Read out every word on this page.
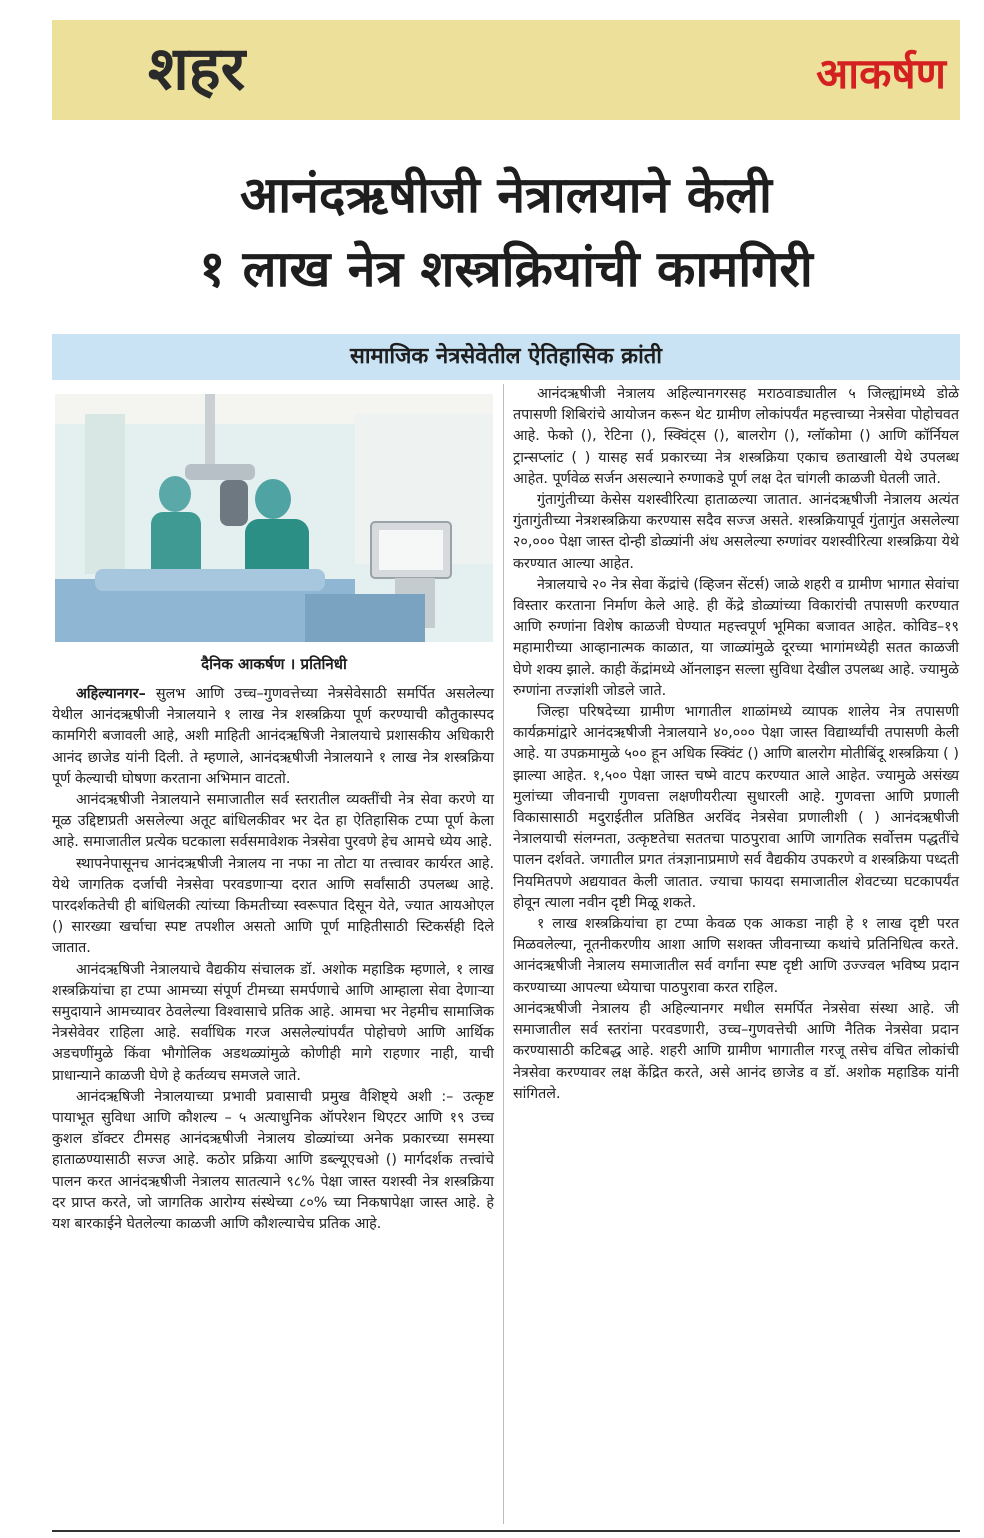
शहर	आकर्षण
आनंदऋषीजी नेत्रालयाने केली
१ लाख नेत्र शस्त्रक्रियांची कामगिरी
सामाजिक नेत्रसेवेतील ऐतिहासिक क्रांती
दैनिक आकर्षण । प्रतिनिधी

अहिल्यानगर– सुलभ आणि उच्च–गुणवत्तेच्या नेत्रसेवेसाठी समर्पित असलेल्या येथील आनंदऋषीजी नेत्रालयाने १ लाख नेत्र शस्त्रक्रिया पूर्ण करण्याची कौतुकास्पद कामगिरी बजावली आहे, अशी माहिती आनंदऋषिजी नेत्रालयाचे प्रशासकीय अधिकारी आनंद छाजेड यांनी दिली. ते म्हणाले, आनंदऋषीजी नेत्रालयाने १ लाख नेत्र शस्त्रक्रिया पूर्ण केल्याची घोषणा करताना अभिमान वाटतो.

आनंदऋषीजी नेत्रालयाने समाजातील सर्व स्तरातील व्यक्तींची नेत्र सेवा करणे या मूळ उद्दिष्टाप्रती असलेल्या अतूट बांधिलकीवर भर देत हा ऐतिहासिक टप्पा पूर्ण केला आहे. समाजातील प्रत्येक घटकाला सर्वसमावेशक नेत्रसेवा पुरवणे हेच आमचे ध्येय आहे.

स्थापनेपासूनच आनंदऋषीजी नेत्रालय ना नफा ना तोटा या तत्त्वावर कार्यरत आहे. येथे जागतिक दर्जाची नेत्रसेवा परवडणाऱ्या दरात आणि सर्वांसाठी उपलब्ध आहे. पारदर्शकतेची ही बांधिलकी त्यांच्या किमतीच्या स्वरूपात दिसून येते, ज्यात आयओएल () सारख्या खर्चाचा स्पष्ट तपशील असतो आणि पूर्ण माहितीसाठी स्टिकर्सही दिले जातात.

आनंदऋषिजी नेत्रालयाचे वैद्यकीय संचालक डॉ. अशोक महाडिक म्हणाले, १ लाख शस्त्रक्रियांचा हा टप्पा आमच्या संपूर्ण टीमच्या समर्पणाचे आणि आम्हाला सेवा देणाऱ्या समुदायाने आमच्यावर ठेवलेल्या विश्वासाचे प्रतिक आहे. आमचा भर नेहमीच सामाजिक नेत्रसेवेवर राहिला आहे. सर्वाधिक गरज असलेल्यांपर्यंत पोहोचणे आणि आर्थिक अडचणींमुळे किंवा भौगोलिक अडथळ्यांमुळे कोणीही मागे राहणार नाही, याची प्राधान्याने काळजी घेणे हे कर्तव्यच समजले जाते.

आनंदऋषिजी नेत्रालयाच्या प्रभावी प्रवासाची प्रमुख वैशिष्ट्ये अशी :– उत्कृष्ट पायाभूत सुविधा आणि कौशल्य – ५ अत्याधुनिक ऑपरेशन थिएटर आणि १९ उच्च कुशल डॉक्टर टीमसह आनंदऋषीजी नेत्रालय डोळ्यांच्या अनेक प्रकारच्या समस्या हाताळण्यासाठी सज्ज आहे. कठोर प्रक्रिया आणि डब्ल्यूएचओ () मार्गदर्शक तत्त्वांचे पालन करत आनंदऋषीजी नेत्रालय सातत्याने ९८% पेक्षा जास्त यशस्वी नेत्र शस्त्रक्रिया दर प्राप्त करते, जो जागतिक आरोग्य संस्थेच्या ८०% च्या निकषापेक्षा जास्त आहे. हे यश बारकाईने घेतलेल्या काळजी आणि कौशल्याचेच प्रतिक आहे.

आनंदऋषीजी नेत्रालय अहिल्यानगरसह मराठवाड्यातील ५ जिल्ह्यांमध्ये डोळे तपासणी शिबिरांचे आयोजन करून थेट ग्रामीण लोकांपर्यंत महत्त्वाच्या नेत्रसेवा पोहोचवत आहे. फेको (), रेटिना (), स्क्विंट्स (), बालरोग (), ग्लॉकोमा () आणि कॉर्नियल ट्रान्सप्लांट ( ) यासह सर्व प्रकारच्या नेत्र शस्त्रक्रिया एकाच छताखाली येथे उपलब्ध आहेत. पूर्णवेळ सर्जन असल्याने रुग्णाकडे पूर्ण लक्ष देत चांगली काळजी घेतली जाते.

गुंतागुंतीच्या केसेस यशस्वीरित्या हाताळल्या जातात. आनंदऋषीजी नेत्रालय अत्यंत गुंतागुंतीच्या नेत्रशस्त्रक्रिया करण्यास सदैव सज्ज असते. शस्त्रक्रियापूर्व गुंतागुंत असलेल्या २०,००० पेक्षा जास्त दोन्ही डोळ्यांनी अंध असलेल्या रुग्णांवर यशस्वीरित्या शस्त्रक्रिया येथे करण्यात आल्या आहेत.

नेत्रालयाचे २० नेत्र सेवा केंद्रांचे (व्हिजन सेंटर्स) जाळे शहरी व ग्रामीण भागात सेवांचा विस्तार करताना निर्माण केले आहे. ही केंद्रे डोळ्यांच्या विकारांची तपासणी करण्यात आणि रुग्णांना विशेष काळजी घेण्यात महत्त्वपूर्ण भूमिका बजावत आहेत. कोविड–१९ महामारीच्या आव्हानात्मक काळात, या जाळ्यांमुळे दूरच्या भागांमध्येही सतत काळजी घेणे शक्य झाले. काही केंद्रांमध्ये ऑनलाइन सल्ला सुविधा देखील उपलब्ध आहे. ज्यामुळे रुग्णांना तज्ज्ञांशी जोडले जाते.

जिल्हा परिषदेच्या ग्रामीण भागातील शाळांमध्ये व्यापक शालेय नेत्र तपासणी कार्यक्रमांद्वारे आनंदऋषीजी नेत्रालयाने ४०,००० पेक्षा जास्त विद्यार्थ्यांची तपासणी केली आहे. या उपक्रमामुळे ५०० हून अधिक स्क्विंट () आणि बालरोग मोतीबिंदू शस्त्रक्रिया ( ) झाल्या आहेत. १,५०० पेक्षा जास्त चष्मे वाटप करण्यात आले आहेत. ज्यामुळे असंख्य मुलांच्या जीवनाची गुणवत्ता लक्षणीयरीत्या सुधारली आहे. गुणवत्ता आणि प्रणाली विकासासाठी मदुराईतील प्रतिष्ठित अरविंद नेत्रसेवा प्रणालीशी ( ) आनंदऋषीजी नेत्रालयाची संलग्नता, उत्कृष्टतेचा सततचा पाठपुरावा आणि जागतिक सर्वोत्तम पद्धतींचे पालन दर्शवते. जगातील प्रगत तंत्रज्ञानाप्रमाणे सर्व वैद्यकीय उपकरणे व शस्त्रक्रिया पध्दती नियमितपणे अद्ययावत केली जातात. ज्याचा फायदा समाजातील शेवटच्या घटकापर्यंत होवून त्याला नवीन दृष्टी मिळू शकते.

१ लाख शस्त्रक्रियांचा हा टप्पा केवळ एक आकडा नाही हे १ लाख दृष्टी परत मिळवलेल्या, नूतनीकरणीय आशा आणि सशक्त जीवनाच्या कथांचे प्रतिनिधित्व करते. आनंदऋषीजी नेत्रालय समाजातील सर्व वर्गांना स्पष्ट दृष्टी आणि उज्ज्वल भविष्य प्रदान करण्याच्या आपल्या ध्येयाचा पाठपुरावा करत राहिल.

आनंदऋषीजी नेत्रालय ही अहिल्यानगर मधील समर्पित नेत्रसेवा संस्था आहे. जी समाजातील सर्व स्तरांना परवडणारी, उच्च–गुणवत्तेची आणि नैतिक नेत्रसेवा प्रदान करण्यासाठी कटिबद्ध आहे. शहरी आणि ग्रामीण भागातील गरजू तसेच वंचित लोकांची नेत्रसेवा करण्यावर लक्ष केंद्रित करते, असे आनंद छाजेड व डॉ. अशोक महाडिक यांनी सांगितले.
